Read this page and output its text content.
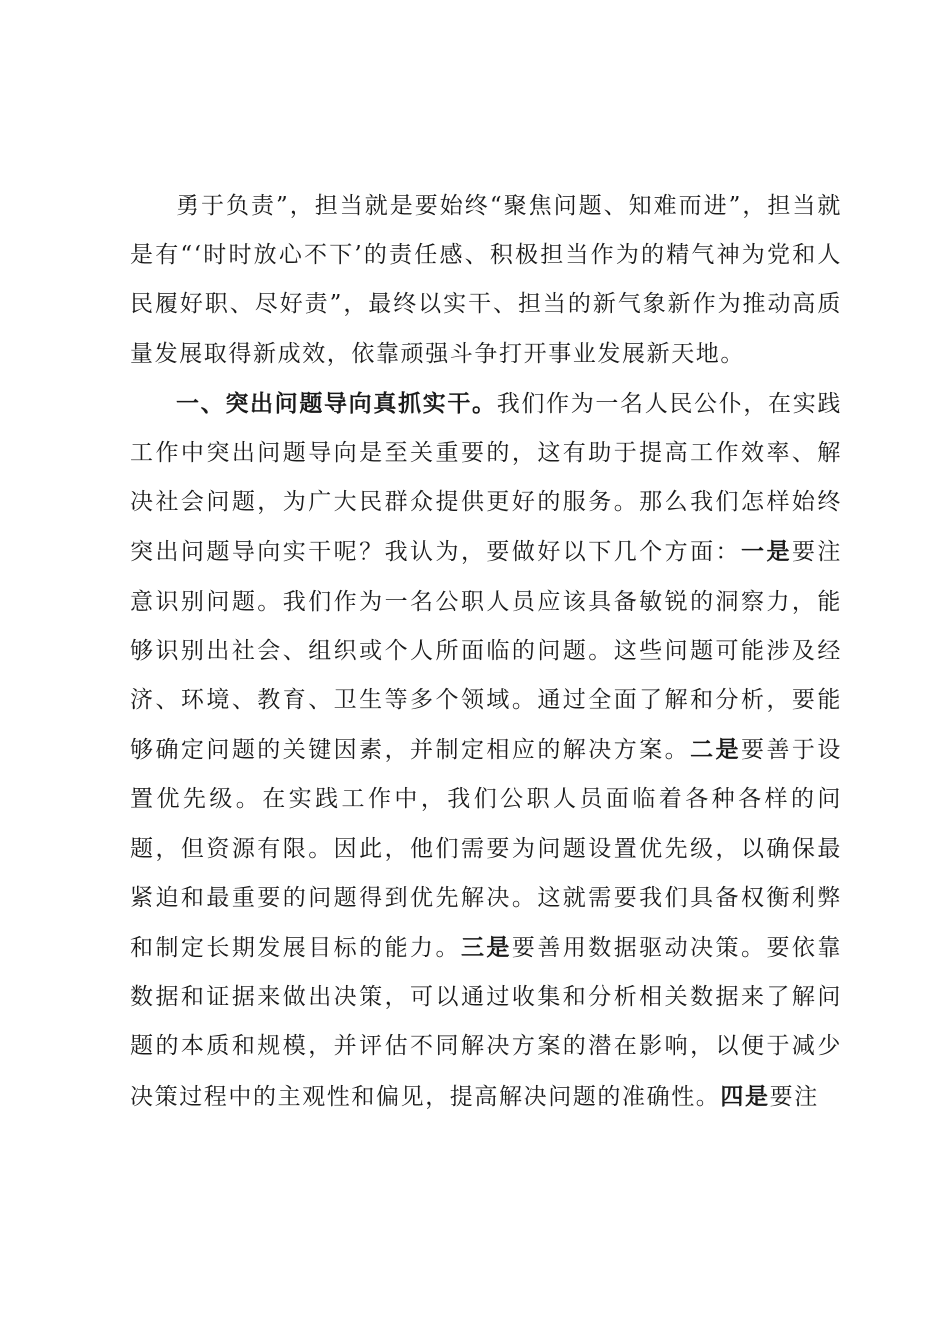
勇于负责”，担当就是要始终“聚焦问题、知难而进”，担当就是有“‘时时放心不下’的责任感、积极担当作为的精气神为党和人民履好职、尽好责”，最终以实干、担当的新气象新作为推动高质量发展取得新成效，依靠顽强斗争打开事业发展新天地。

一、突出问题导向真抓实干。我们作为一名人民公仆，在实践工作中突出问题导向是至关重要的，这有助于提高工作效率、解决社会问题，为广大民群众提供更好的服务。那么我们怎样始终突出问题导向实干呢？我认为，要做好以下几个方面：一是要注意识别问题。我们作为一名公职人员应该具备敏锐的洞察力，能够识别出社会、组织或个人所面临的问题。这些问题可能涉及经济、环境、教育、卫生等多个领域。通过全面了解和分析，要能够确定问题的关键因素，并制定相应的解决方案。二是要善于设置优先级。在实践工作中，我们公职人员面临着各种各样的问题，但资源有限。因此，他们需要为问题设置优先级，以确保最紧迫和最重要的问题得到优先解决。这就需要我们具备权衡利弊和制定长期发展目标的能力。三是要善用数据驱动决策。要依靠数据和证据来做出决策，可以通过收集和分析相关数据来了解问题的本质和规模，并评估不同解决方案的潜在影响，以便于减少决策过程中的主观性和偏见，提高解决问题的准确性。四是要注
